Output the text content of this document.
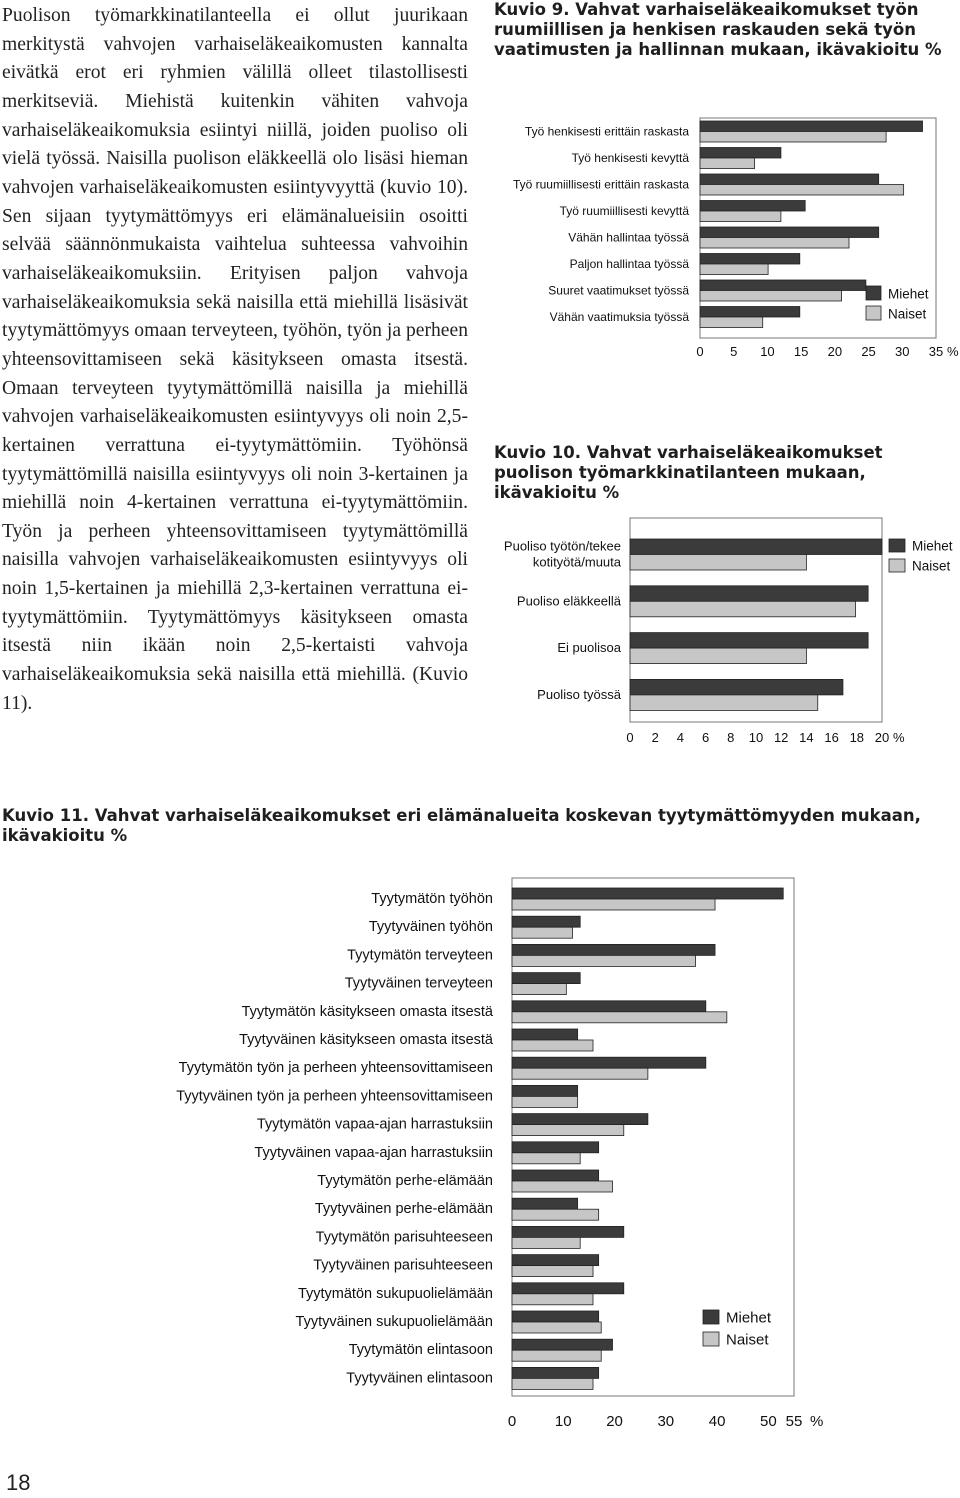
Puolison työmarkkinatilanteella ei ollut juurikaan merkitystä vahvojen varhaiseläkeaikomusten kannalta eivätkä erot eri ryhmien välillä olleet tilastollisesti merkitseviä. Miehistä kuitenkin vähiten vahvoja varhaiseläkeaikomuksia esiintyi niillä, joiden puoliso oli vielä työssä. Naisilla puolison eläkkeellä olo lisäsi hieman vahvojen varhaiseläkeaikomusten esiintyvyyttä (kuvio 10). Sen sijaan tyytymättömyys eri elämänalueisiin osoitti selvää säännönmukaista vaihtelua suhteessa vahvoihin varhaiseläkeaikomuksiin. Erityisen paljon vahvoja varhaiseläkeaikomuksia sekä naisilla että miehillä lisäsivät tyytymättömyys omaan terveyteen, työhön, työn ja perheen yhteensovittamiseen sekä käsitykseen omasta itsestä. Omaan terveyteen tyytymättömillä naisilla ja miehillä vahvojen varhaiseläkeaikomusten esiintyvyys oli noin 2,5-kertainen verrattuna ei-tyytymättömiin. Työhönsä tyytymättömillä naisilla esiintyvyys oli noin 3-kertainen ja miehillä noin 4-kertainen verrattuna ei-tyytymättömiin. Työn ja perheen yhteensovittamiseen tyytymättömillä naisilla vahvojen varhaiseläkeaikomusten esiintyvyys oli noin 1,5-kertainen ja miehillä 2,3-kertainen verrattuna ei-tyytymättömiin. Tyytymättömyys käsitykseen omasta itsestä niin ikään noin 2,5-kertaisti vahvoja varhaiseläkeaikomuksia sekä naisilla että miehillä. (Kuvio 11).

Kuvio 9. Vahvat varhaiseläkeaikomukset työn ruumiillisen ja henkisen raskauden sekä työn vaatimusten ja hallinnan mukaan, ikävakioitu %
Kuvio 10. Vahvat varhaiseläkeaikomukset puolison työmarkkinatilanteen mukaan, ikävakioitu %
Kuvio 11. Vahvat varhaiseläkeaikomukset eri elämänalueita koskevan tyytymättömyyden mukaan, ikävakioitu %
Työ henkisesti erittäin raskasta
Työ henkisesti kevyttä
Työ ruumiillisesti erittäin raskasta
Työ ruumiillisesti kevyttä
Vähän hallintaa työssä
Paljon hallintaa työssä
Suuret vaatimukset työssä
Vähän vaatimuksia työssä
0 5 10 15 20 25 30 35 %
Miehet
Naiset
Puoliso työtön/tekee
kotityötä/muuta
Puoliso eläkkeellä
Ei puolisoa
Puoliso työssä
0 2 4 6 8 10 12 14 16 18 20 %
Miehet
Naiset
Tyytymätön työhön
Tyytyväinen työhön
Tyytymätön terveyteen
Tyytyväinen terveyteen
Tyytymätön käsitykseen omasta itsestä
Tyytyväinen käsitykseen omasta itsestä
Tyytymätön työn ja perheen yhteensovittamiseen
Tyytyväinen työn ja perheen yhteensovittamiseen
Tyytymätön vapaa-ajan harrastuksiin
Tyytyväinen vapaa-ajan harrastuksiin
Tyytymätön perhe-elämään
Tyytyväinen perhe-elämään
Tyytymätön parisuhteeseen
Tyytyväinen parisuhteeseen
Tyytymätön sukupuolielämään
Tyytyväinen sukupuolielämään
Tyytymätön elintasoon
Tyytyväinen elintasoon
0	10 20 30 40 50 55 %
Miehet
Naiset
18
